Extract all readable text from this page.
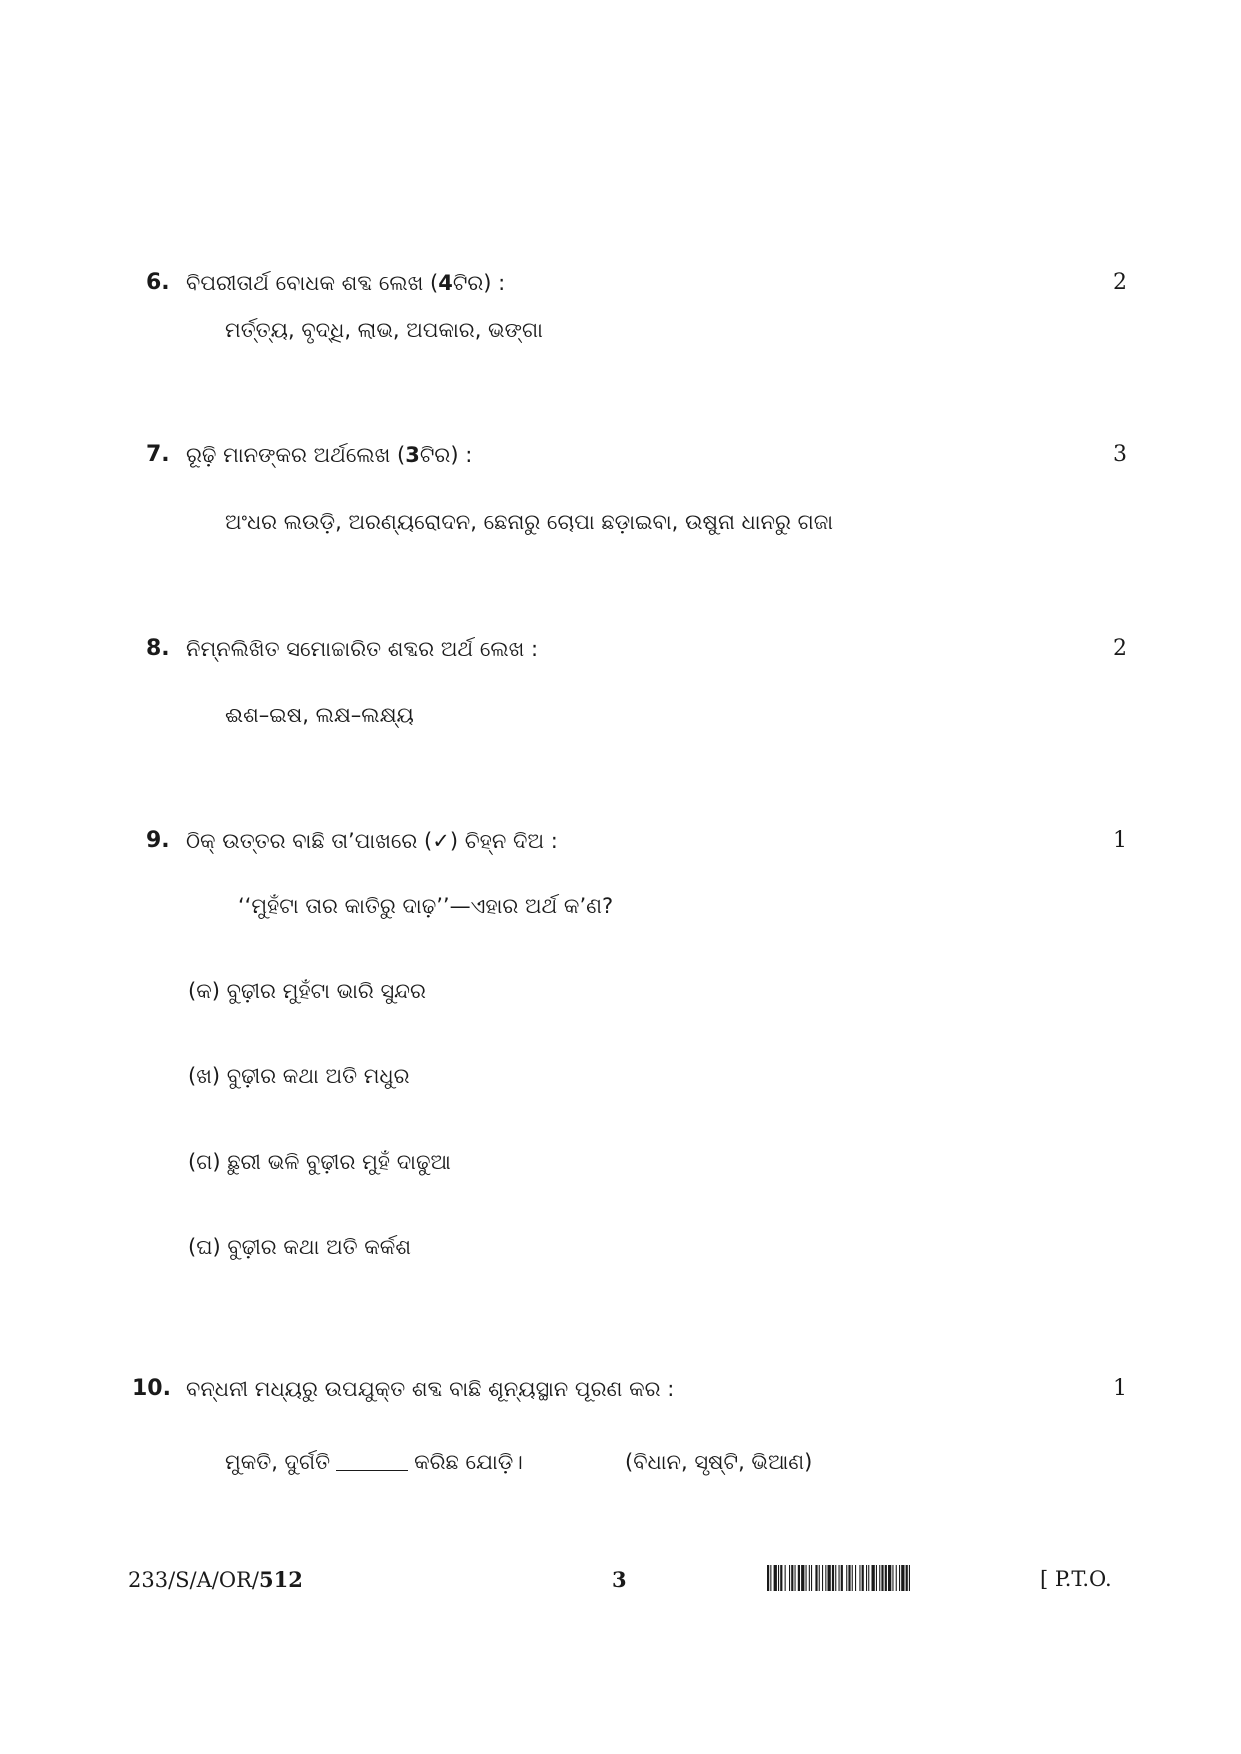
6. ବିପରୀତାର୍ଥ ବୋଧକ ଶବ୍ଦ ଲେଖ (4ଟିର) :	2
ମର୍ତ୍ତ୍ୟ, ବୃଦ୍ଧି, ଲାଭ, ଅପକାର, ଭଙ୍ଗା
7. ରୂଢ଼ି ମାନଙ୍କର ଅର୍ଥଲେଖ (3ଟିର) :	3
ଅଂଧର ଲଉଡ଼ି, ଅରଣ୍ୟରୋଦନ, ଛେନାରୁ ଚୋପା ଛଡ଼ାଇବା, ଉଷୁନା ଧାନରୁ ଗଜା
8. ନିମ୍ନଲିଖିତ ସମୋଚ୍ଚାରିତ ଶବ୍ଦର ଅର୍ଥ ଲେଖ :	2
ଈଶ–ଇଷ, ଲକ୍ଷ–ଲକ୍ଷ୍ୟ
9. ଠିକ୍ ଉତ୍ତର ବାଛି ତା’ପାଖରେ (✓) ଚିହ୍ନ ଦିଅ :	1
‘‘ମୁହଁଟା ତାର କାତିରୁ ଦାଢ଼’’—ଏହାର ଅର୍ଥ କ’ଣ?
(କ) ବୁଢ଼ୀର ମୁହଁଟା ଭାରି ସୁନ୍ଦର
(ଖ) ବୁଢ଼ୀର କଥା ଅତି ମଧୁର
(ଗ) ଛୁରୀ ଭଳି ବୁଢ଼ୀର ମୁହଁ ଦାଢୁଆ
(ଘ) ବୁଢ଼ୀର କଥା ଅତି କର୍କଶ
10. ବନ୍ଧନୀ ମଧ୍ୟରୁ ଉପଯୁକ୍ତ ଶବ୍ଦ ବାଛି ଶୂନ୍ୟସ୍ଥାନ ପୂରଣ କର :	1
ମୁକତି, ଦୁର୍ଗତି	କରିଛ ଯୋଡ଼ି।	(ବିଧାନ, ସୃଷ୍ଟି, ଭିଆଣ)
233/S/A/OR/512	3	[ P.T.O.
